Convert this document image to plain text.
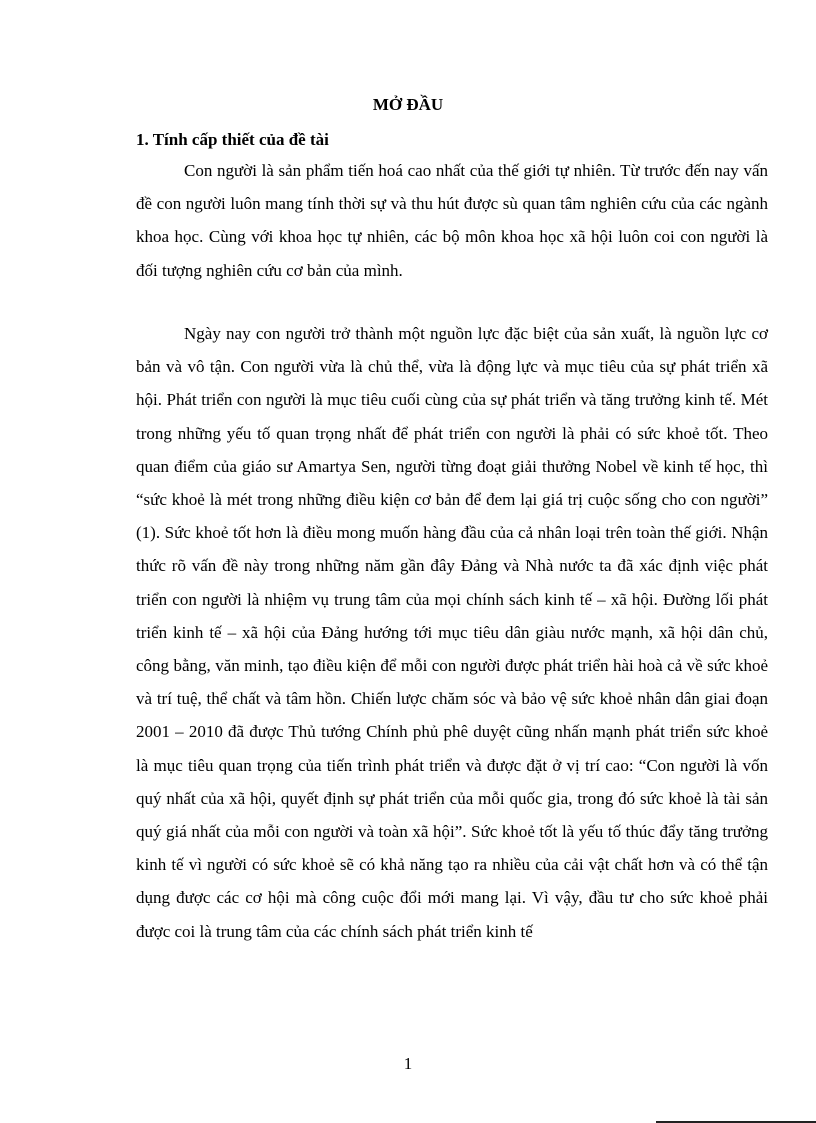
MỞ ĐẦU
1. Tính cấp thiết của đề tài

Con người là sản phẩm tiến hoá cao nhất của thế giới tự nhiên. Từ trước đến nay vấn đề con người luôn mang tính thời sự và thu hút được sù quan tâm nghiên cứu của các ngành khoa học. Cùng với khoa học tự nhiên, các bộ môn khoa học xã hội luôn coi con người là đối tượng nghiên cứu cơ bản của mình.

Ngày nay con người trở thành một nguồn lực đặc biệt của sản xuất, là nguồn lực cơ bản và vô tận. Con người vừa là chủ thể, vừa là động lực và mục tiêu của sự phát triển xã hội. Phát triển con người là mục tiêu cuối cùng của sự phát triển và tăng trưởng kinh tế. Mét trong những yếu tố quan trọng nhất để phát triển con người là phải có sức khoẻ tốt. Theo quan điểm của giáo sư Amartya Sen, người từng đoạt giải thưởng Nobel về kinh tế học, thì “sức khoẻ là mét trong những điều kiện cơ bản để đem lại giá trị cuộc sống cho con người” (1). Sức khoẻ tốt hơn là điều mong muốn hàng đầu của cả nhân loại trên toàn thế giới. Nhận thức rõ vấn đề này trong những năm gần đây Đảng và Nhà nước ta đã xác định việc phát triển con người là nhiệm vụ trung tâm của mọi chính sách kinh tế – xã hội. Đường lối phát triển kinh tế – xã hội của Đảng hướng tới mục tiêu dân giàu nước mạnh, xã hội dân chủ, công bằng, văn minh, tạo điều kiện để mỗi con người được phát triển hài hoà cả về sức khoẻ và trí tuệ, thể chất và tâm hồn. Chiến lược chăm sóc và bảo vệ sức khoẻ nhân dân giai đoạn 2001 – 2010 đã được Thủ tướng Chính phủ phê duyệt cũng nhấn mạnh phát triển sức khoẻ là mục tiêu quan trọng của tiến trình phát triển và được đặt ở vị trí cao: “Con người là vốn quý nhất của xã hội, quyết định sự phát triển của mỗi quốc gia, trong đó sức khoẻ là tài sản quý giá nhất của mỗi con người và toàn xã hội”. Sức khoẻ tốt là yếu tố thúc đẩy tăng trưởng kinh tế vì người có sức khoẻ sẽ có khả năng tạo ra nhiều của cải vật chất hơn và có thể tận dụng được các cơ hội mà công cuộc đổi mới mang lại. Vì vậy, đầu tư cho sức khoẻ phải được coi là trung tâm của các chính sách phát triển kinh tế

1
